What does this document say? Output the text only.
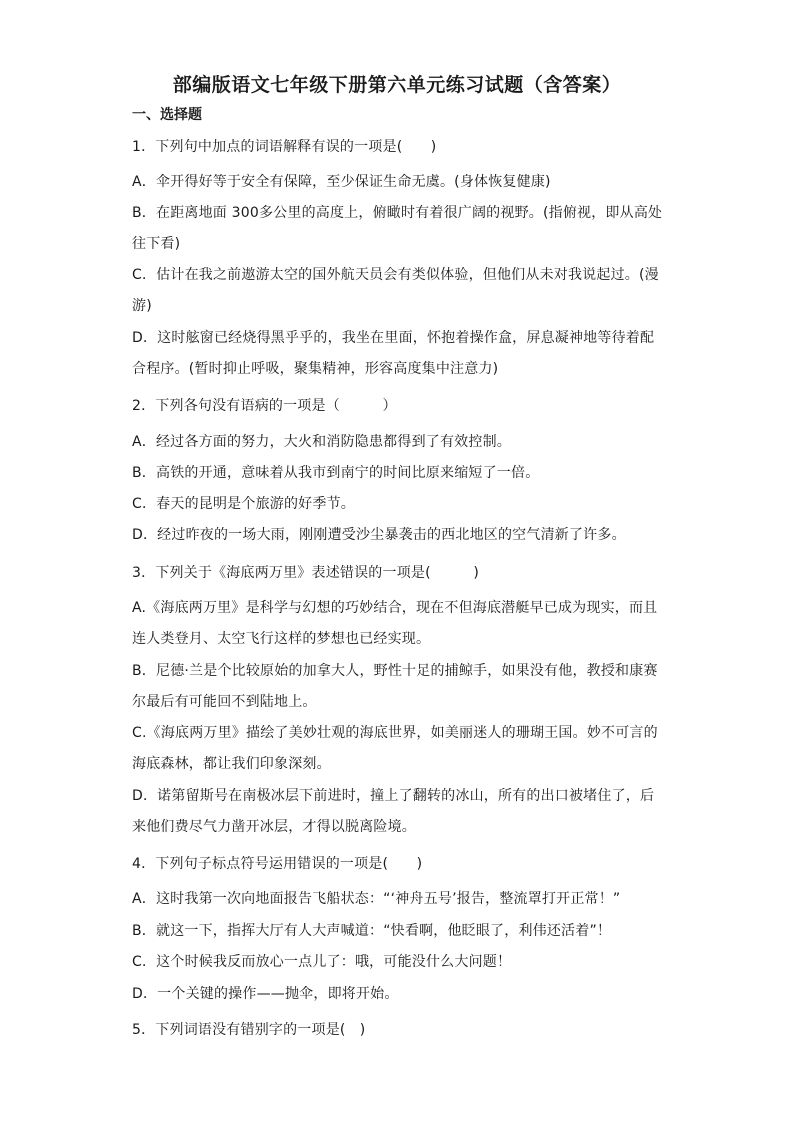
部编版语文七年级下册第六单元练习试题（含答案）
一、选择题
1．下列句中加点的词语解释有误的一项是(　　)
A．伞开得好等于安全有保障，至少保证生命无虞。(身体恢复健康)
B．在距离地面 300多公里的高度上，俯瞰时有着很广阔的视野。(指俯视，即从高处
往下看)
C．估计在我之前遨游太空的国外航天员会有类似体验，但他们从未对我说起过。(漫
游)
D．这时舷窗已经烧得黑乎乎的，我坐在里面，怀抱着操作盒，屏息凝神地等待着配
合程序。(暂时抑止呼吸，聚集精神，形容高度集中注意力)
2．下列各句没有语病的一项是（　　　）
A．经过各方面的努力，大火和消防隐患都得到了有效控制。
B．高铁的开通，意味着从我市到南宁的时间比原来缩短了一倍。
C．春天的昆明是个旅游的好季节。
D．经过昨夜的一场大雨，刚刚遭受沙尘暴袭击的西北地区的空气清新了许多。
3．下列关于《海底两万里》表述错误的一项是(　　　)
A.《海底两万里》是科学与幻想的巧妙结合，现在不但海底潜艇早已成为现实，而且
连人类登月、太空飞行这样的梦想也已经实现。
B．尼德·兰是个比较原始的加拿大人，野性十足的捕鲸手，如果没有他，教授和康赛
尔最后有可能回不到陆地上。
C.《海底两万里》描绘了美妙壮观的海底世界，如美丽迷人的珊瑚王国。妙不可言的
海底森林，都让我们印象深刻。
D．诺第留斯号在南极冰层下前进时，撞上了翻转的冰山，所有的出口被堵住了，后
来他们费尽气力凿开冰层，才得以脱离险境。
4．下列句子标点符号运用错误的一项是(　　)
A．这时我第一次向地面报告飞船状态：“‘神舟五号’报告，整流罩打开正常！”
B．就这一下，指挥大厅有人大声喊道：“快看啊，他眨眼了，利伟还活着”！
C．这个时候我反而放心一点儿了：哦，可能没什么大问题！
D．一个关键的操作——抛伞，即将开始。
5．下列词语没有错别字的一项是(　)
